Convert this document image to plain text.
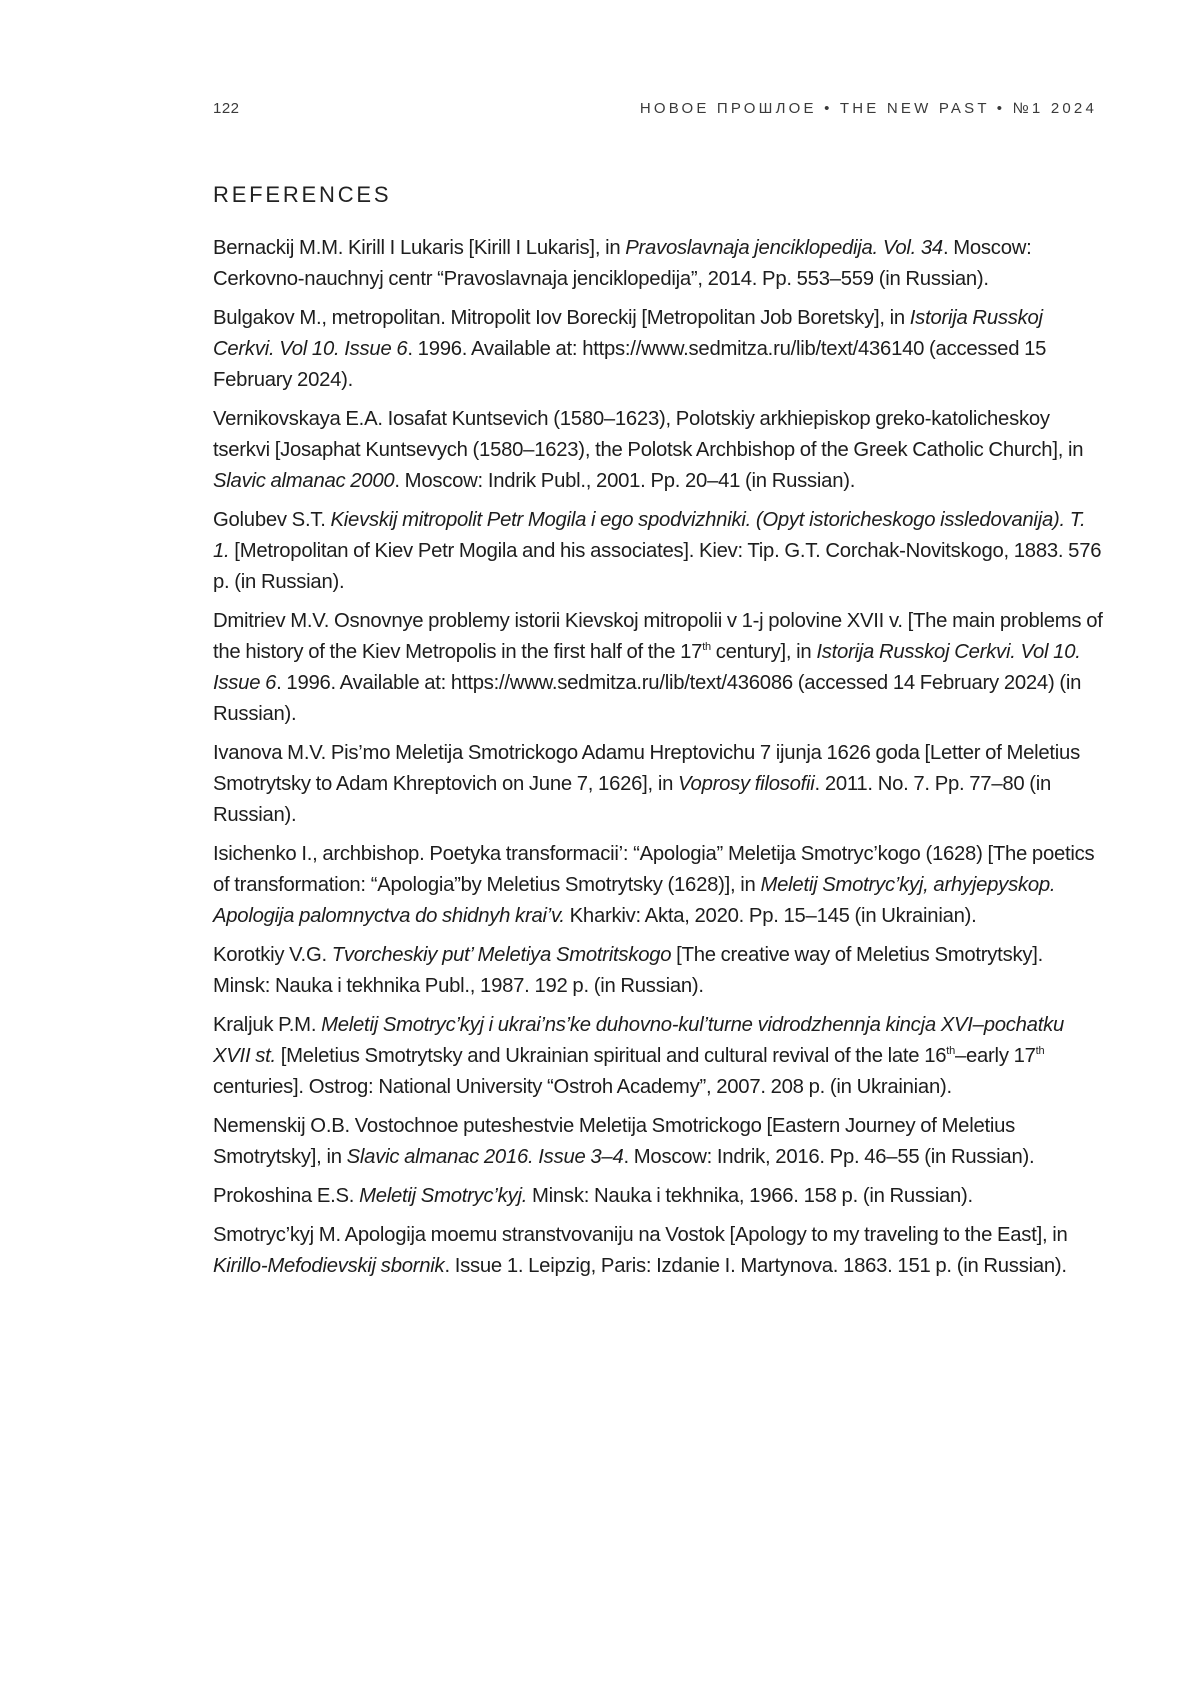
122	НОВОЕ ПРОШЛОЕ • THE NEW PAST • №1 2024
REFERENCES

Bernackij M.M. Kirill I Lukaris [Kirill I Lukaris], in Pravoslavnaja jenciklopedija. Vol. 34. Moscow: Cerkovno-nauchnyj centr “Pravoslavnaja jenciklopedija”, 2014. Pp. 553–559 (in Russian).

Bulgakov M., metropolitan. Mitropolit Iov Boreckij [Metropolitan Job Boretsky], in Istorija Russkoj Cerkvi. Vol 10. Issue 6. 1996. Available at: https://www.sedmitza.ru/lib/text/436140 (accessed 15 February 2024).

Vernikovskaya E.A. Iosafat Kuntsevich (1580–1623), Polotskiy arkhiepiskop greko-katolicheskoy tserkvi [Josaphat Kuntsevych (1580–1623), the Polotsk Archbishop of the Greek Catholic Church], in Slavic almanac 2000. Moscow: Indrik Publ., 2001. Pp. 20–41 (in Russian).

Golubev S.T. Kievskij mitropolit Petr Mogila i ego spodvizhniki. (Opyt istoricheskogo issledovanija). T. 1. [Metropolitan of Kiev Petr Mogila and his associates]. Kiev: Tip. G.T. Corchak-Novitskogo, 1883. 576 p. (in Russian).

Dmitriev M.V. Osnovnye problemy istorii Kievskoj mitropolii v 1-j polovine XVII v. [The main problems of the history of the Kiev Metropolis in the first half of the 17th century], in Istorija Russkoj Cerkvi. Vol 10. Issue 6. 1996. Available at: https://www.sedmitza.ru/lib/text/436086 (accessed 14 February 2024) (in Russian).

Ivanova M.V. Pis’mo Meletija Smotrickogo Adamu Hreptovichu 7 ijunja 1626 goda [Letter of Meletius Smotrytsky to Adam Khreptovich on June 7, 1626], in Voprosy filosofii. 2011. No. 7. Pp. 77–80 (in Russian).

Isichenko I., archbishop. Poetyka transformacii’: “Apologia” Meletija Smotryc’kogo (1628) [The poetics of transformation: “Apologia”by Meletius Smotrytsky (1628)], in Meletij Smotryc’kyj, arhyjepyskop. Apologija palomnyctva do shidnyh krai’v. Kharkiv: Akta, 2020. Pp. 15–145 (in Ukrainian).

Korotkiy V.G. Tvorcheskiy put’ Meletiya Smotritskogo [The creative way of Meletius Smotrytsky]. Minsk: Nauka i tekhnika Publ., 1987. 192 p. (in Russian).

Kraljuk P.M. Meletij Smotryc’kyj i ukrai’ns’ke duhovno-kul’turne vidrodzhennja kincja XVI–pochatku XVII st. [Meletius Smotrytsky and Ukrainian spiritual and cultural revival of the late 16th–early 17th centuries]. Ostrog: National University “Ostroh Academy”, 2007. 208 p. (in Ukrainian).

Nemenskij O.B. Vostochnoe puteshestvie Meletija Smotrickogo [Eastern Journey of Meletius Smotrytsky], in Slavic almanac 2016. Issue 3–4. Moscow: Indrik, 2016. Pp. 46–55 (in Russian).

Prokoshina E.S. Meletij Smotryc’kyj. Minsk: Nauka i tekhnika, 1966. 158 p. (in Russian).

Smotryc’kyj M. Apologija moemu stranstvovaniju na Vostok [Apology to my traveling to the East], in Kirillo-Mefodievskij sbornik. Issue 1. Leipzig, Paris: Izdanie I. Martynova. 1863. 151 p. (in Russian).
